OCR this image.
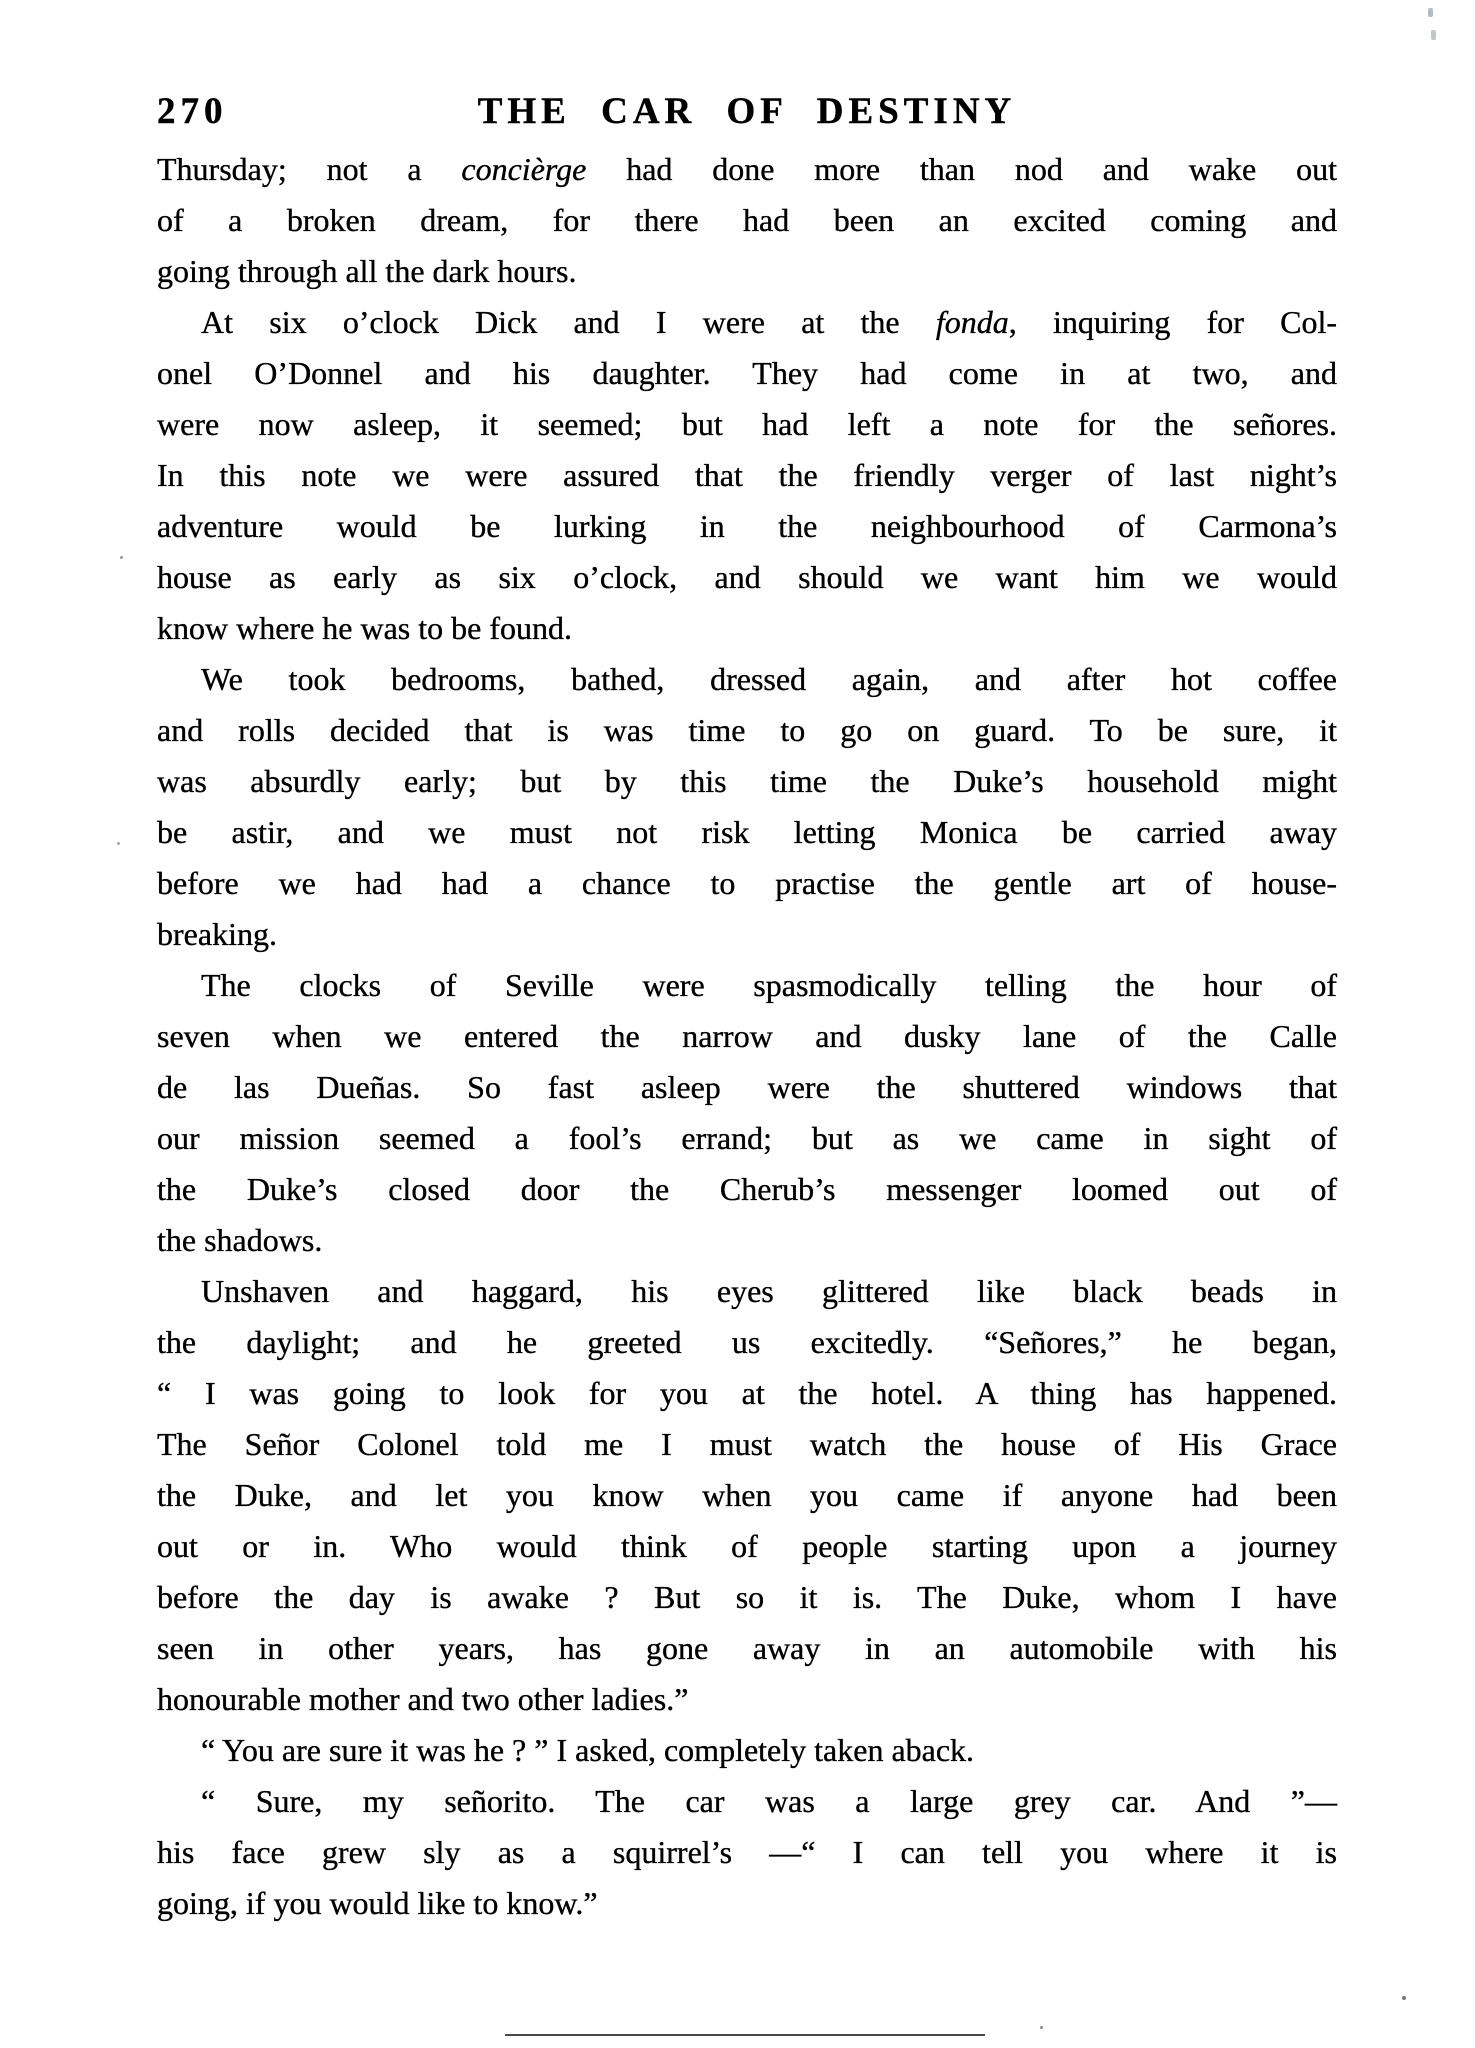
270	THE CAR OF DESTINY
Thursday; not a concièrge had done more than nod and wake out
of a broken dream, for there had been an excited coming and
going through all the dark hours.
At six o’clock Dick and I were at the fonda, inquiring for Col-
onel O’Donnel and his daughter. They had come in at two, and
were now asleep, it seemed; but had left a note for the señores.
In this note we were assured that the friendly verger of last night’s
adventure would be lurking in the neighbourhood of Carmona’s
house as early as six o’clock, and should we want him we would
know where he was to be found.
We took bedrooms, bathed, dressed again, and after hot coffee
and rolls decided that is was time to go on guard. To be sure, it
was absurdly early; but by this time the Duke’s household might
be astir, and we must not risk letting Monica be carried away
before we had had a chance to practise the gentle art of house-
breaking.
The clocks of Seville were spasmodically telling the hour of
seven when we entered the narrow and dusky lane of the Calle
de las Dueñas. So fast asleep were the shuttered windows that
our mission seemed a fool’s errand; but as we came in sight of
the Duke’s closed door the Cherub’s messenger loomed out of
the shadows.
Unshaven and haggard, his eyes glittered like black beads in
the daylight; and he greeted us excitedly. “Señores,” he began,
“ I was going to look for you at the hotel. A thing has happened.
The Señor Colonel told me I must watch the house of His Grace
the Duke, and let you know when you came if anyone had been
out or in. Who would think of people starting upon a journey
before the day is awake ? But so it is. The Duke, whom I have
seen in other years, has gone away in an automobile with his
honourable mother and two other ladies.”
“ You are sure it was he ? ” I asked, completely taken aback.
“ Sure, my señorito. The car was a large grey car. And ”—
his face grew sly as a squirrel’s —“ I can tell you where it is
going, if you would like to know.”
